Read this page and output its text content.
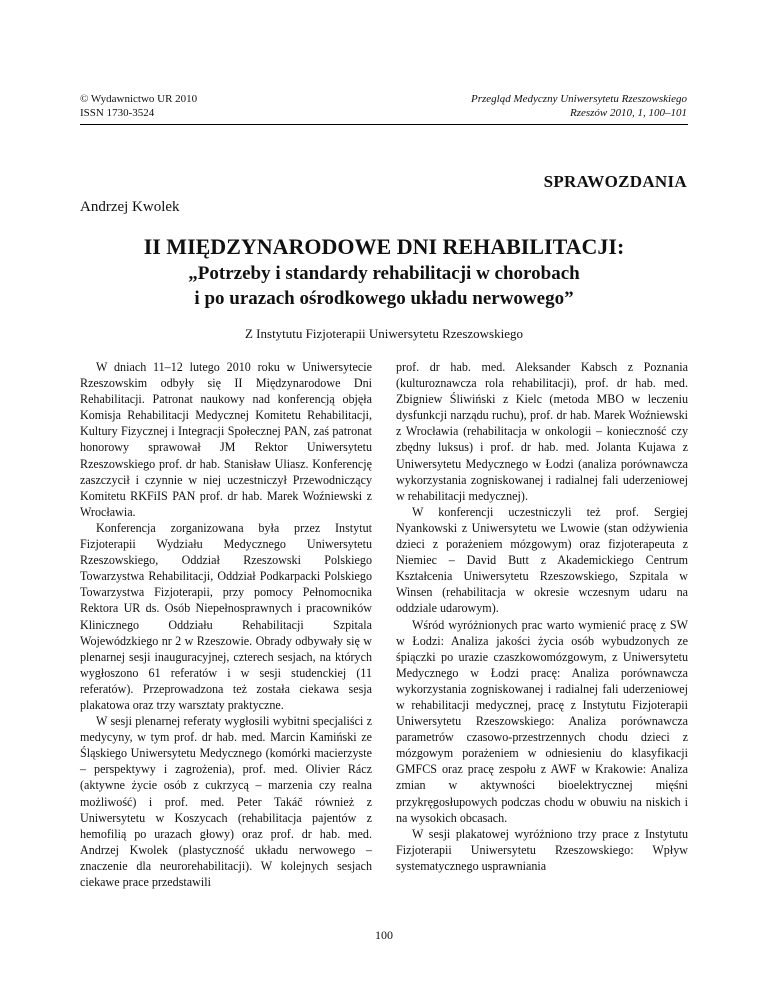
© Wydawnictwo UR 2010
ISSN 1730-3524
Przegląd Medyczny Uniwersytetu Rzeszowskiego
Rzeszów 2010, 1, 100–101
SPRAWOZDANIA
Andrzej Kwolek
II MIĘDZYNARODOWE DNI REHABILITACJI:
„Potrzeby i standardy rehabilitacji w chorobach
i po urazach ośrodkowego układu nerwowego”
Z Instytutu Fizjoterapii Uniwersytetu Rzeszowskiego

W dniach 11–12 lutego 2010 roku w Uniwersytecie Rzeszowskim odbyły się II Międzynarodowe Dni Rehabilitacji. Patronat naukowy nad konferencją objęła Komisja Rehabilitacji Medycznej Komitetu Rehabilitacji, Kultury Fizycznej i Integracji Społecznej PAN, zaś patronat honorowy sprawował JM Rektor Uniwersytetu Rzeszowskiego prof. dr hab. Stanisław Uliasz. Konferencję zaszczycił i czynnie w niej uczestniczył Przewodniczący Komitetu RKFiIS PAN prof. dr hab. Marek Woźniewski z Wrocławia.

Konferencja zorganizowana była przez Instytut Fizjoterapii Wydziału Medycznego Uniwersytetu Rzeszowskiego, Oddział Rzeszowski Polskiego Towarzystwa Rehabilitacji, Oddział Podkarpacki Polskiego Towarzystwa Fizjoterapii, przy pomocy Pełnomocnika Rektora UR ds. Osób Niepełnosprawnych i pracowników Klinicznego Oddziału Rehabilitacji Szpitala Wojewódzkiego nr 2 w Rzeszowie. Obrady odbywały się w plenarnej sesji inauguracyjnej, czterech sesjach, na których wygłoszono 61 referatów i w sesji studenckiej (11 referatów). Przeprowadzona też została ciekawa sesja plakatowa oraz trzy warsztaty praktyczne.

W sesji plenarnej referaty wygłosili wybitni specjaliści z medycyny, w tym prof. dr hab. med. Marcin Kamiński ze Śląskiego Uniwersytetu Medycznego (komórki macierzyste – perspektywy i zagrożenia), prof. med. Olivier Rácz (aktywne życie osób z cukrzycą – marzenia czy realna możliwość) i prof. med. Peter Takáč również z Uniwersytetu w Koszycach (rehabilitacja pajentów z hemofilią po urazach głowy) oraz prof. dr hab. med. Andrzej Kwolek (plastyczność układu nerwowego – znaczenie dla neurorehabilitacji). W kolejnych sesjach ciekawe prace przedstawili

prof. dr hab. med. Aleksander Kabsch z Poznania (kulturoznawcza rola rehabilitacji), prof. dr hab. med. Zbigniew Śliwiński z Kielc (metoda MBO w leczeniu dysfunkcji narządu ruchu), prof. dr hab. Marek Woźniewski z Wrocławia (rehabilitacja w onkologii – konieczność czy zbędny luksus) i prof. dr hab. med. Jolanta Kujawa z Uniwersytetu Medycznego w Łodzi (analiza porównawcza wykorzystania zogniskowanej i radialnej fali uderzeniowej w rehabilitacji medycznej).

W konferencji uczestniczyli też prof. Sergiej Nyankowski z Uniwersytetu we Lwowie (stan odżywienia dzieci z porażeniem mózgowym) oraz fizjoterapeuta z Niemiec – David Butt z Akademickiego Centrum Kształcenia Uniwersytetu Rzeszowskiego, Szpitala w Winsen (rehabilitacja w okresie wczesnym udaru na oddziale udarowym).

Wśród wyróżnionych prac warto wymienić pracę z SW w Łodzi: Analiza jakości życia osób wybudzonych ze śpiączki po urazie czaszkowomózgowym, z Uniwersytetu Medycznego w Łodzi pracę: Analiza porównawcza wykorzystania zogniskowanej i radialnej fali uderzeniowej w rehabilitacji medycznej, pracę z Instytutu Fizjoterapii Uniwersytetu Rzeszowskiego: Analiza porównawcza parametrów czasowo-przestrzennych chodu dzieci z mózgowym porażeniem w odniesieniu do klasyfikacji GMFCS oraz pracę zespołu z AWF w Krakowie: Analiza zmian w aktywności bioelektrycznej mięśni przykręgosłupowych podczas chodu w obuwiu na niskich i na wysokich obcasach.

W sesji plakatowej wyróżniono trzy prace z Instytutu Fizjoterapii Uniwersytetu Rzeszowskiego: Wpływ systematycznego usprawniania

100
